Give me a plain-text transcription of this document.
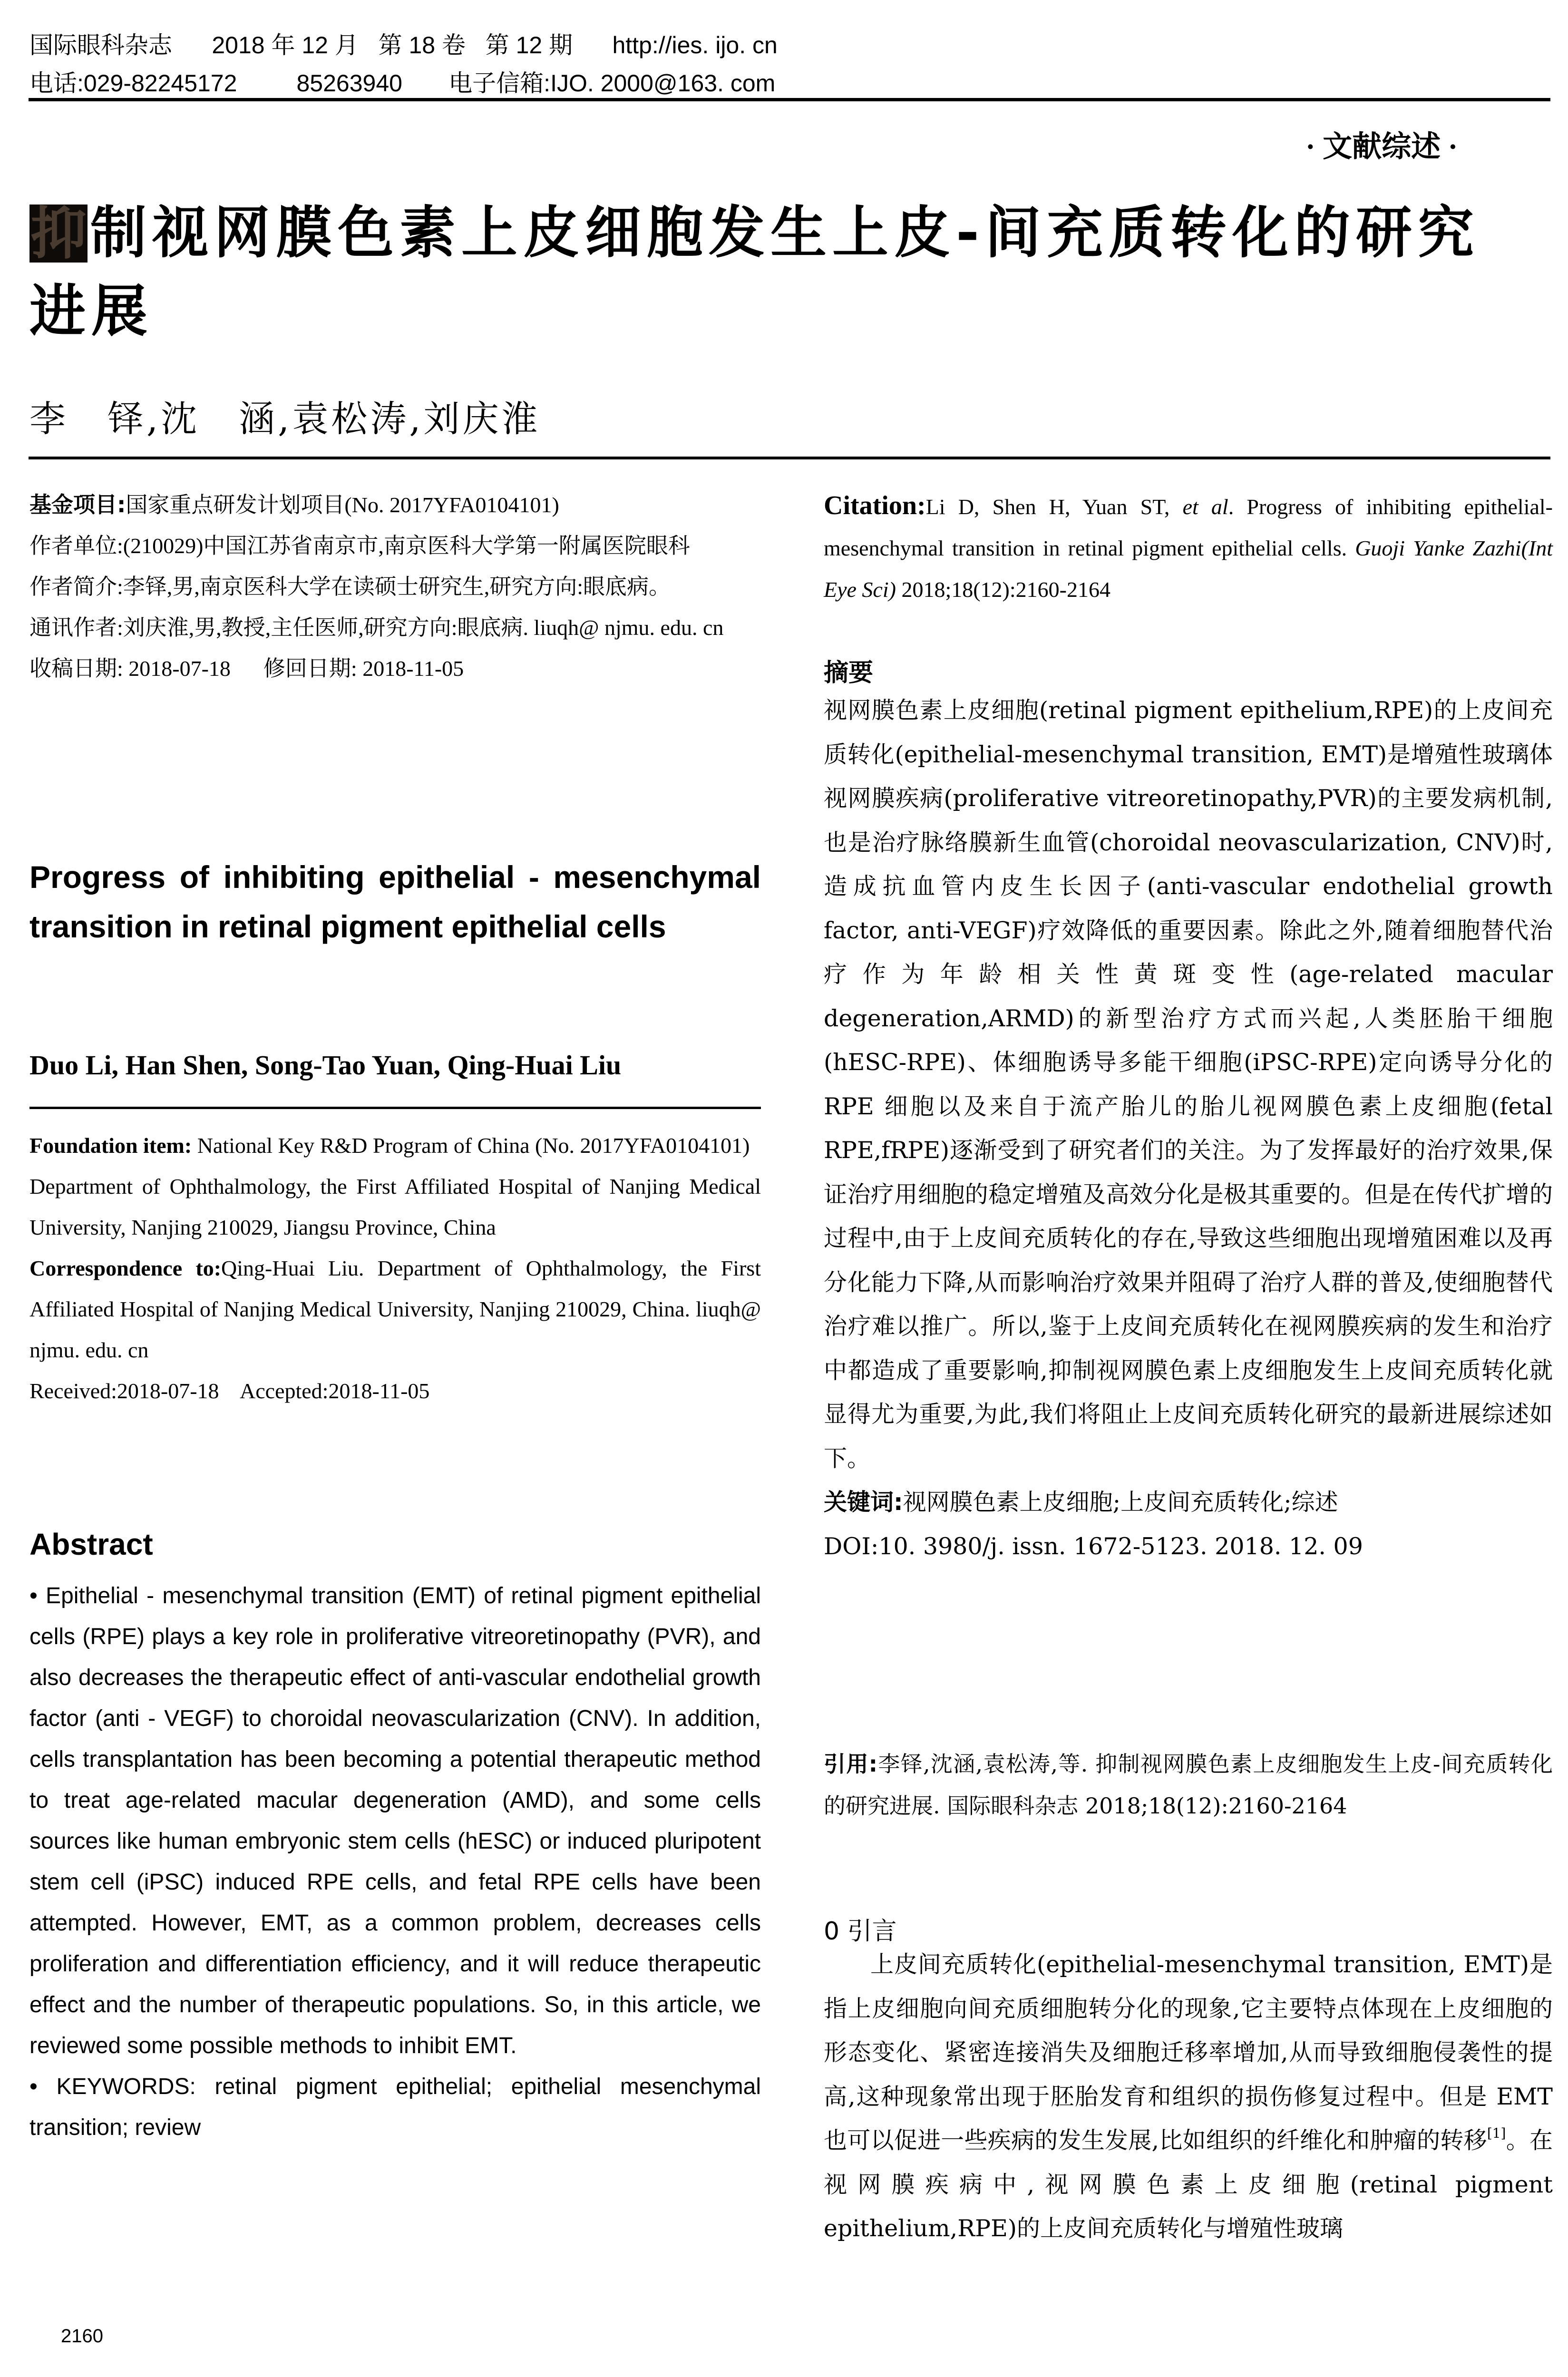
国际眼科杂志 2018 年 12 月 第 18 卷 第 12 期 http://ies. ijo. cn
电话:029-82245172	85263940 电子信箱:IJO. 2000@163. com
· 文献综述 ·
抑制视网膜色素上皮细胞发生上皮-间充质转化的研究
进展
李　铎,沈　涵,袁松涛,刘庆淮
基金项目:国家重点研发计划项目(No. 2017YFA0104101)
作者单位:(210029)中国江苏省南京市,南京医科大学第一附属医院眼科
作者简介:李铎,男,南京医科大学在读硕士研究生,研究方向:眼底病。
通讯作者:刘庆淮,男,教授,主任医师,研究方向:眼底病. liuqh@ njmu. edu. cn
收稿日期: 2018-07-18 修回日期: 2018-11-05
Progress of inhibiting epithelial - mesenchymal transition in retinal pigment epithelial cells
Duo Li, Han Shen, Song-Tao Yuan, Qing-Huai Liu
Foundation item: National Key R&D Program of China (No. 2017YFA0104101)
Department of Ophthalmology, the First Affiliated Hospital of Nanjing Medical University, Nanjing 210029, Jiangsu Province, China
Correspondence to:Qing-Huai Liu. Department of Ophthalmology, the First Affiliated Hospital of Nanjing Medical University, Nanjing 210029, China. liuqh@ njmu. edu. cn
Received:2018-07-18 Accepted:2018-11-05
Abstract
• Epithelial - mesenchymal transition (EMT) of retinal pigment epithelial cells (RPE) plays a key role in proliferative vitreoretinopathy (PVR), and also decreases the therapeutic effect of anti-vascular endothelial growth factor (anti - VEGF) to choroidal neovascularization (CNV). In addition, cells transplantation has been becoming a potential therapeutic method to treat age-related macular degeneration (AMD), and some cells sources like human embryonic stem cells (hESC) or induced pluripotent stem cell (iPSC) induced RPE cells, and fetal RPE cells have been attempted. However, EMT, as a common problem, decreases cells proliferation and differentiation efficiency, and it will reduce therapeutic effect and the number of therapeutic populations. So, in this article, we reviewed some possible methods to inhibit EMT.
• KEYWORDS: retinal pigment epithelial; epithelial mesenchymal transition; review
2160
Citation:Li D, Shen H, Yuan ST, et al. Progress of inhibiting epithelial-mesenchymal transition in retinal pigment epithelial cells. Guoji Yanke Zazhi(Int Eye Sci) 2018;18(12):2160-2164
摘要
视网膜色素上皮细胞(retinal pigment epithelium,RPE)的上皮间充质转化(epithelial-mesenchymal transition, EMT)是增殖性玻璃体视网膜疾病(proliferative vitreoretinopathy,PVR)的主要发病机制,也是治疗脉络膜新生血管(choroidal neovascularization, CNV)时,造成抗血管内皮生长因子(anti-vascular endothelial growth factor, anti-VEGF)疗效降低的重要因素。除此之外,随着细胞替代治疗作为年龄相关性黄斑变性(age-related macular degeneration,ARMD)的新型治疗方式而兴起,人类胚胎干细胞(hESC-RPE)、体细胞诱导多能干细胞(iPSC-RPE)定向诱导分化的 RPE 细胞以及来自于流产胎儿的胎儿视网膜色素上皮细胞(fetal RPE,fRPE)逐渐受到了研究者们的关注。为了发挥最好的治疗效果,保证治疗用细胞的稳定增殖及高效分化是极其重要的。但是在传代扩增的过程中,由于上皮间充质转化的存在,导致这些细胞出现增殖困难以及再分化能力下降,从而影响治疗效果并阻碍了治疗人群的普及,使细胞替代治疗难以推广。所以,鉴于上皮间充质转化在视网膜疾病的发生和治疗中都造成了重要影响,抑制视网膜色素上皮细胞发生上皮间充质转化就显得尤为重要,为此,我们将阻止上皮间充质转化研究的最新进展综述如下。
关键词:视网膜色素上皮细胞;上皮间充质转化;综述
DOI:10. 3980/j. issn. 1672-5123. 2018. 12. 09
引用:李铎,沈涵,袁松涛,等. 抑制视网膜色素上皮细胞发生上皮-间充质转化的研究进展. 国际眼科杂志 2018;18(12):2160-2164
0 引言
上皮间充质转化(epithelial-mesenchymal transition, EMT)是指上皮细胞向间充质细胞转分化的现象,它主要特点体现在上皮细胞的形态变化、紧密连接消失及细胞迁移率增加,从而导致细胞侵袭性的提高,这种现象常出现于胚胎发育和组织的损伤修复过程中。但是 EMT 也可以促进一些疾病的发生发展,比如组织的纤维化和肿瘤的转移[1]。在视网膜疾病中,视网膜色素上皮细胞(retinal pigment epithelium,RPE)的上皮间充质转化与增殖性玻璃
